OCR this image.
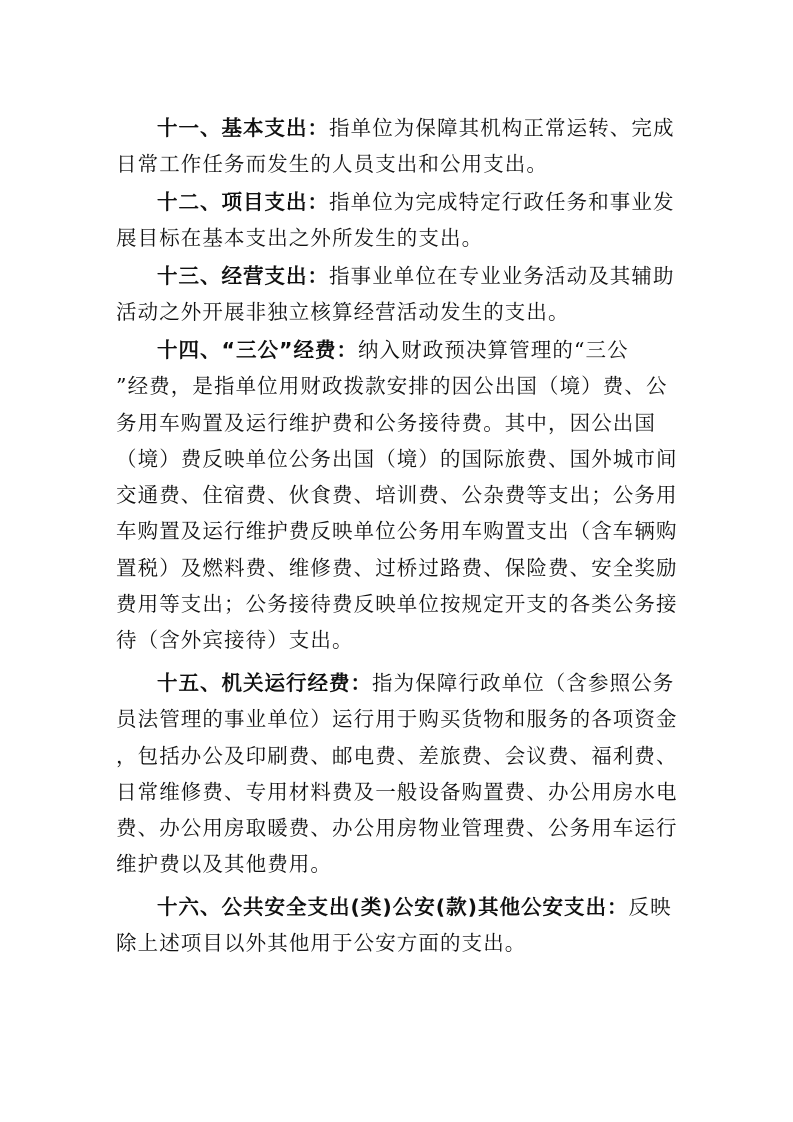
十一、基本支出：指单位为保障其机构正常运转、完成
日常工作任务而发生的人员支出和公用支出。

十二、项目支出：指单位为完成特定行政任务和事业发
展目标在基本支出之外所发生的支出。

十三、经营支出：指事业单位在专业业务活动及其辅助
活动之外开展非独立核算经营活动发生的支出。

十四、“三公”经费：纳入财政预决算管理的“三公
”经费，是指单位用财政拨款安排的因公出国（境）费、公
务用车购置及运行维护费和公务接待费。其中，因公出国
（境）费反映单位公务出国（境）的国际旅费、国外城市间
交通费、住宿费、伙食费、培训费、公杂费等支出；公务用
车购置及运行维护费反映单位公务用车购置支出（含车辆购
置税）及燃料费、维修费、过桥过路费、保险费、安全奖励
费用等支出；公务接待费反映单位按规定开支的各类公务接
待（含外宾接待）支出。

十五、机关运行经费：指为保障行政单位（含参照公务
员法管理的事业单位）运行用于购买货物和服务的各项资金
，包括办公及印刷费、邮电费、差旅费、会议费、福利费、
日常维修费、专用材料费及一般设备购置费、办公用房水电
费、办公用房取暖费、办公用房物业管理费、公务用车运行
维护费以及其他费用。

十六、公共安全支出(类)公安(款)其他公安支出：反映
除上述项目以外其他用于公安方面的支出。
